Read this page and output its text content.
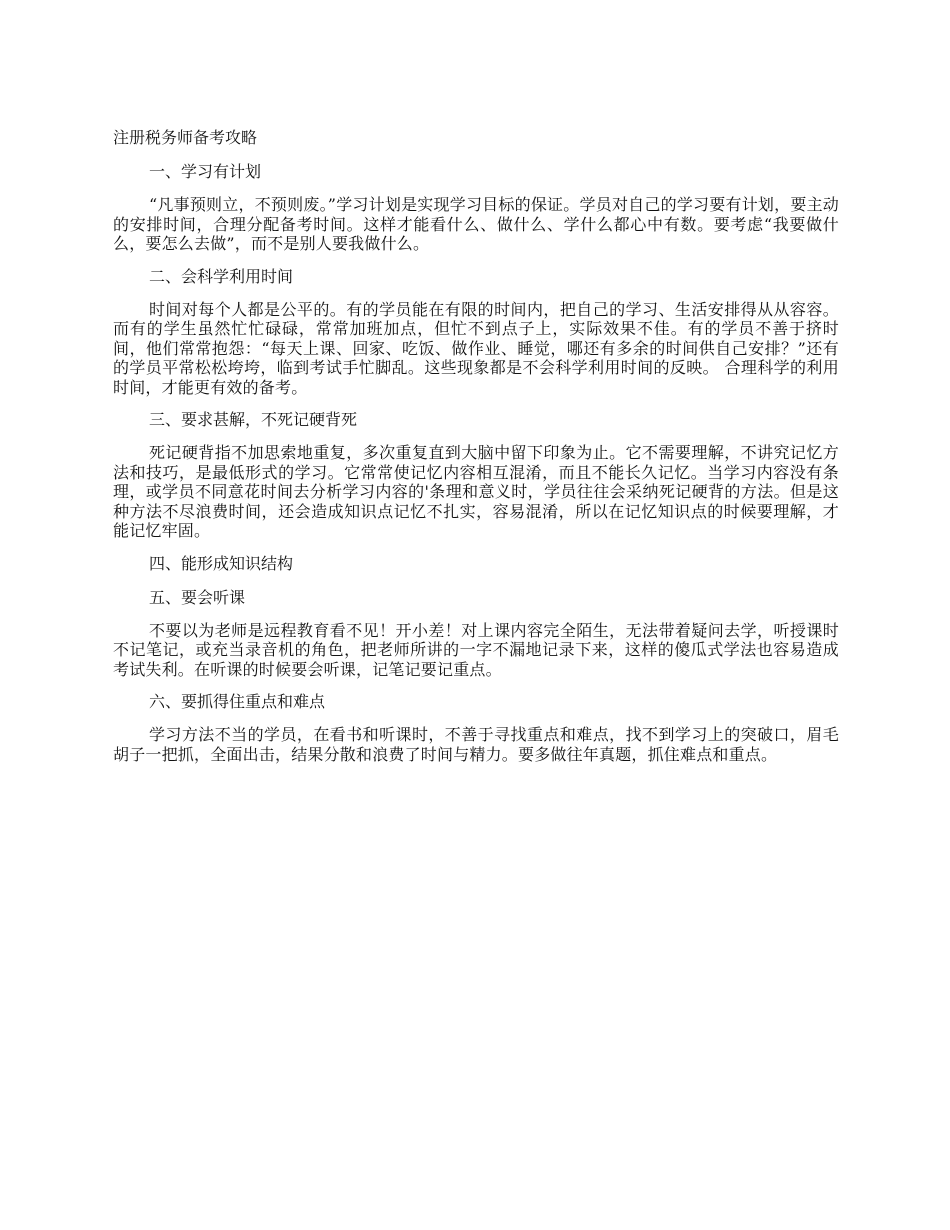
注册税务师备考攻略
一、学习有计划

“凡事预则立，不预则废。”学习计划是实现学习目标的保证。学员对自己的学习要有计划，要主动的安排时间，合理分配备考时间。这样才能看什么、做什么、学什么都心中有数。要考虑“我要做什么，要怎么去做”，而不是别人要我做什么。

二、会科学利用时间

时间对每个人都是公平的。有的学员能在有限的时间内，把自己的学习、生活安排得从从容容。而有的学生虽然忙忙碌碌，常常加班加点，但忙不到点子上，实际效果不佳。有的学员不善于挤时间，他们常常抱怨：“每天上课、回家、吃饭、做作业、睡觉，哪还有多余的时间供自己安排？”还有的学员平常松松垮垮，临到考试手忙脚乱。这些现象都是不会科学利用时间的反映。 合理科学的利用时间，才能更有效的备考。

三、要求甚解，不死记硬背死

死记硬背指不加思索地重复，多次重复直到大脑中留下印象为止。它不需要理解，不讲究记忆方法和技巧，是最低形式的学习。它常常使记忆内容相互混淆，而且不能长久记忆。当学习内容没有条理，或学员不同意花时间去分析学习内容的'条理和意义时，学员往往会采纳死记硬背的方法。但是这种方法不尽浪费时间，还会造成知识点记忆不扎实，容易混淆，所以在记忆知识点的时候要理解，才能记忆牢固。

四、能形成知识结构
五、要会听课

不要以为老师是远程教育看不见！开小差！对上课内容完全陌生，无法带着疑问去学，听授课时不记笔记，或充当录音机的角色，把老师所讲的一字不漏地记录下来，这样的傻瓜式学法也容易造成考试失利。在听课的时候要会听课，记笔记要记重点。

六、要抓得住重点和难点

学习方法不当的学员，在看书和听课时，不善于寻找重点和难点，找不到学习上的突破口，眉毛胡子一把抓，全面出击，结果分散和浪费了时间与精力。要多做往年真题，抓住难点和重点。
